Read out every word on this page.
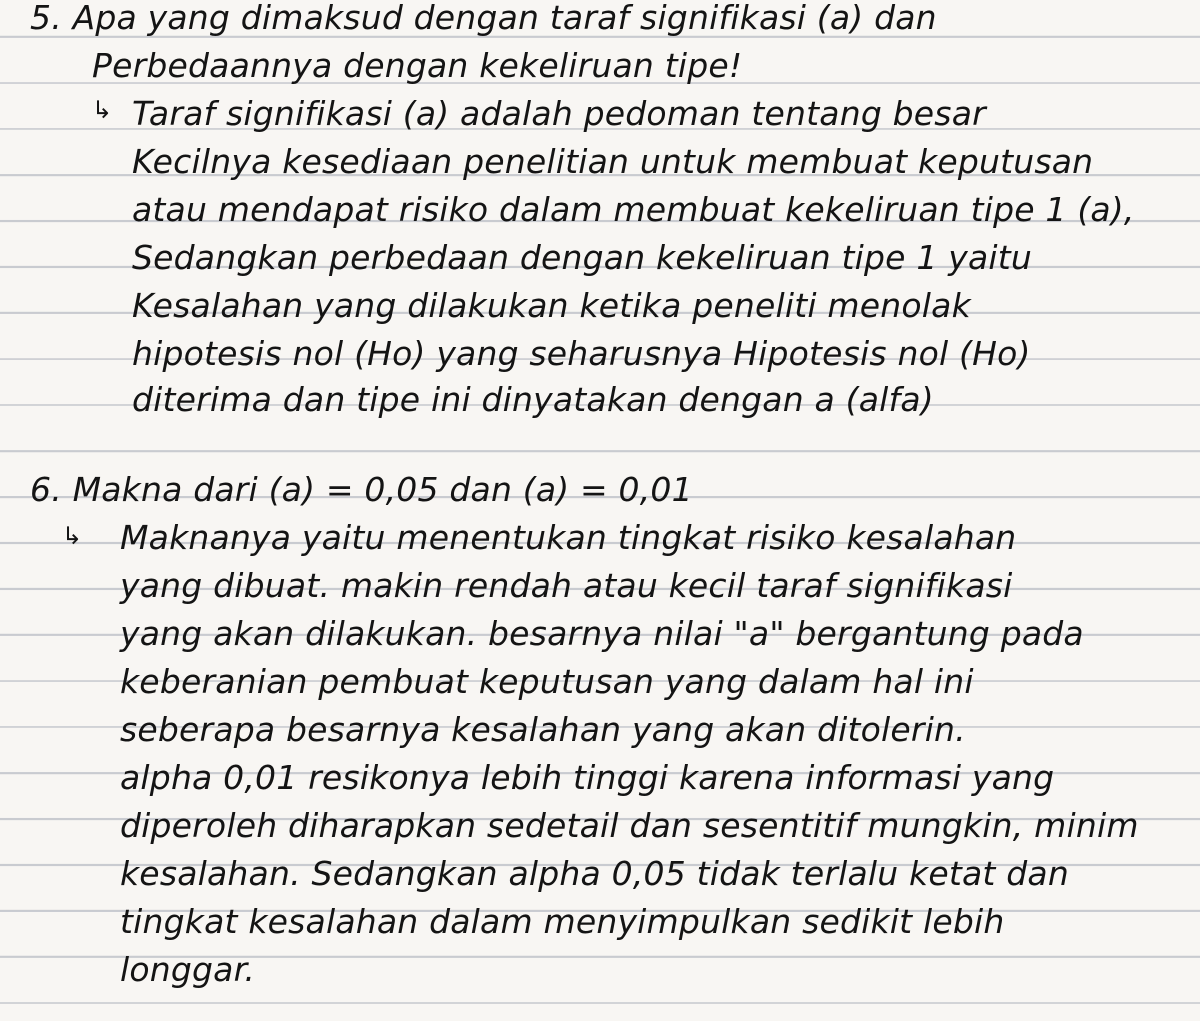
5. Apa yang dimaksud dengan taraf signifikasi (a) dan

Perbedaannya dengan kekeliruan tipe!

↳ Taraf signifikasi (a) adalah pedoman tentang besar

Kecilnya kesediaan penelitian untuk membuat keputusan

atau mendapat risiko dalam membuat kekeliruan tipe 1 (a),

Sedangkan perbedaan dengan kekeliruan tipe 1 yaitu

Kesalahan yang dilakukan ketika peneliti menolak

hipotesis nol (Ho) yang seharusnya Hipotesis nol (Ho)

diterima dan tipe ini dinyatakan dengan a (alfa)

6. Makna dari (a) = 0,05 dan (a) = 0,01

↳ Maknanya yaitu menentukan tingkat risiko kesalahan

yang dibuat. makin rendah atau kecil taraf signifikasi

yang akan dilakukan. besarnya nilai "a" bergantung pada

keberanian pembuat keputusan yang dalam hal ini

seberapa besarnya kesalahan yang akan ditolerin.

alpha 0,01 resikonya lebih tinggi karena informasi yang

diperoleh diharapkan sedetail dan sesentitif mungkin, minim

kesalahan. Sedangkan alpha 0,05 tidak terlalu ketat dan

tingkat kesalahan dalam menyimpulkan sedikit lebih

longgar.
